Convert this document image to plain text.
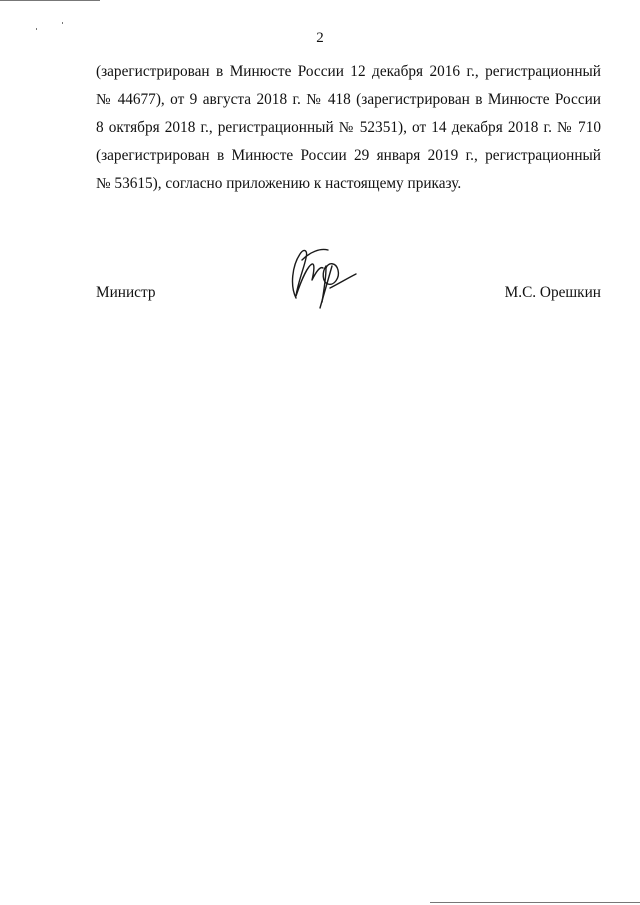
2
(зарегистрирован в Минюсте России 12 декабря 2016 г., регистрационный
№ 44677), от 9 августа 2018 г. № 418 (зарегистрирован в Минюсте России
8 октября 2018 г., регистрационный № 52351), от 14 декабря 2018 г. № 710
(зарегистрирован в Минюсте России 29 января 2019 г., регистрационный
№ 53615), согласно приложению к настоящему приказу.
Министр	М.С. Орешкин
